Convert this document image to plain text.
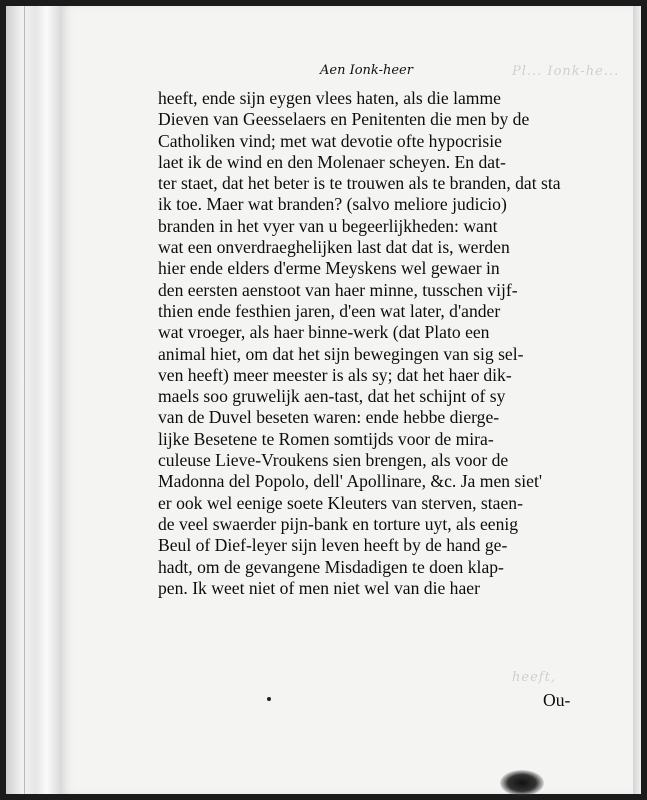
Pl... Ionk-he...
heeft,
Aen Ionk-heer
heeft, ende sijn eygen vlees haten, als die lamme
Dieven van Geesselaers en Penitenten die men by de
Catholiken vind; met wat devotie ofte hypocrisie
laet ik de wind en den Molenaer scheyen. En dat-
ter staet, dat het beter is te trouwen als te branden, dat sta
ik toe. Maer wat branden? (salvo meliore judicio)
branden in het vyer van u begeerlijkheden: want
wat een onverdraeghelijken last dat dat is, werden
hier ende elders d'erme Meyskens wel gewaer in
den eersten aenstoot van haer minne, tusschen vijf-
thien ende festhien jaren, d'een wat later, d'ander
wat vroeger, als haer binne-werk (dat Plato een
animal hiet, om dat het sijn bewegingen van sig sel-
ven heeft) meer meester is als sy; dat het haer dik-
maels soo gruwelijk aen-tast, dat het schijnt of sy
van de Duvel beseten waren: ende hebbe dierge-
lijke Besetene te Romen somtijds voor de mira-
culeuse Lieve-Vroukens sien brengen, als voor de
Madonna del Popolo, dell' Apollinare, &c. Ja men siet'
er ook wel eenige soete Kleuters van sterven, staen-
de veel swaerder pijn-bank en torture uyt, als eenig
Beul of Dief-leyer sijn leven heeft by de hand ge-
hadt, om de gevangene Misdadigen te doen klap-
pen. Ik weet niet of men niet wel van die haer
Ou-
